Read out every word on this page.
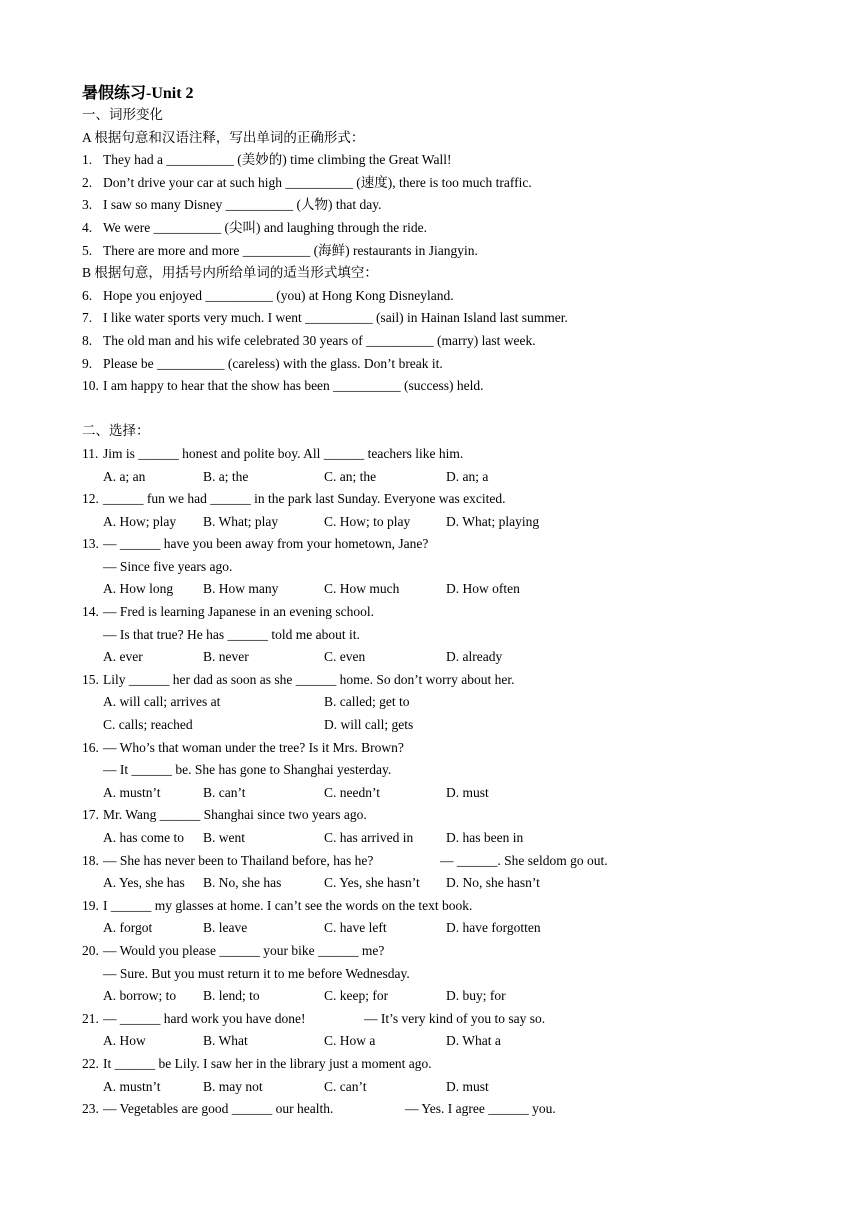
暑假练习-Unit 2
一、词形变化
A 根据句意和汉语注释，写出单词的正确形式：
1. They had a __________ (美妙的) time climbing the Great Wall!
2. Don’t drive your car at such high __________ (速度), there is too much traffic.
3. I saw so many Disney __________ (人物) that day.
4. We were __________ (尖叫) and laughing through the ride.
5. There are more and more __________ (海鲜) restaurants in Jiangyin.
B 根据句意，用括号内所给单词的适当形式填空：
6. Hope you enjoyed __________ (you) at Hong Kong Disneyland.
7. I like water sports very much. I went __________ (sail) in Hainan Island last summer.
8. The old man and his wife celebrated 30 years of __________ (marry) last week.
9. Please be __________ (careless) with the glass. Don’t break it.
10. I am happy to hear that the show has been __________ (success) held.
二、选择：
11. Jim is ______ honest and polite boy. All ______ teachers like him.
A. a; an	B. a; the	C. an; the	D. an; a
12. ______ fun we had ______ in the park last Sunday. Everyone was excited.
A. How; play B. What; play	C. How; to play	D. What; playing
13. — ______ have you been away from your hometown, Jane?
— Since five years ago.
A. How long B. How many	C. How much	D. How often
14. — Fred is learning Japanese in an evening school.
— Is that true? He has ______ told me about it.
A. ever	B. never	C. even	D. already
15. Lily ______ her dad as soon as she ______ home. So don’t worry about her.
A. will call; arrives at	B. called; get to
C. calls; reached	D. will call; gets
16. — Who’s that woman under the tree? Is it Mrs. Brown?
— It ______ be. She has gone to Shanghai yesterday.
A. mustn’t	B. can’t	C. needn’t	D. must
17. Mr. Wang ______ Shanghai since two years ago.
A. has come to B. went	C. has arrived in D. has been in
18. — She has never been to Thailand before, has he?	— ______. She seldom go out.
A. Yes, she has B. No, she has	C. Yes, she hasn’t D. No, she hasn’t
19. I ______ my glasses at home. I can’t see the words on the text book.
A. forgot	B. leave	C. have left	D. have forgotten
20. — Would you please ______ your bike ______ me?
— Sure. But you must return it to me before Wednesday.
A. borrow; to B. lend; to	C. keep; for	D. buy; for
21. — ______ hard work you have done!	— It’s very kind of you to say so.
A. How	B. What	C. How a	D. What a
22. It ______ be Lily. I saw her in the library just a moment ago.
A. mustn’t	B. may not	C. can’t	D. must
23. — Vegetables are good ______ our health.	— Yes. I agree ______ you.
